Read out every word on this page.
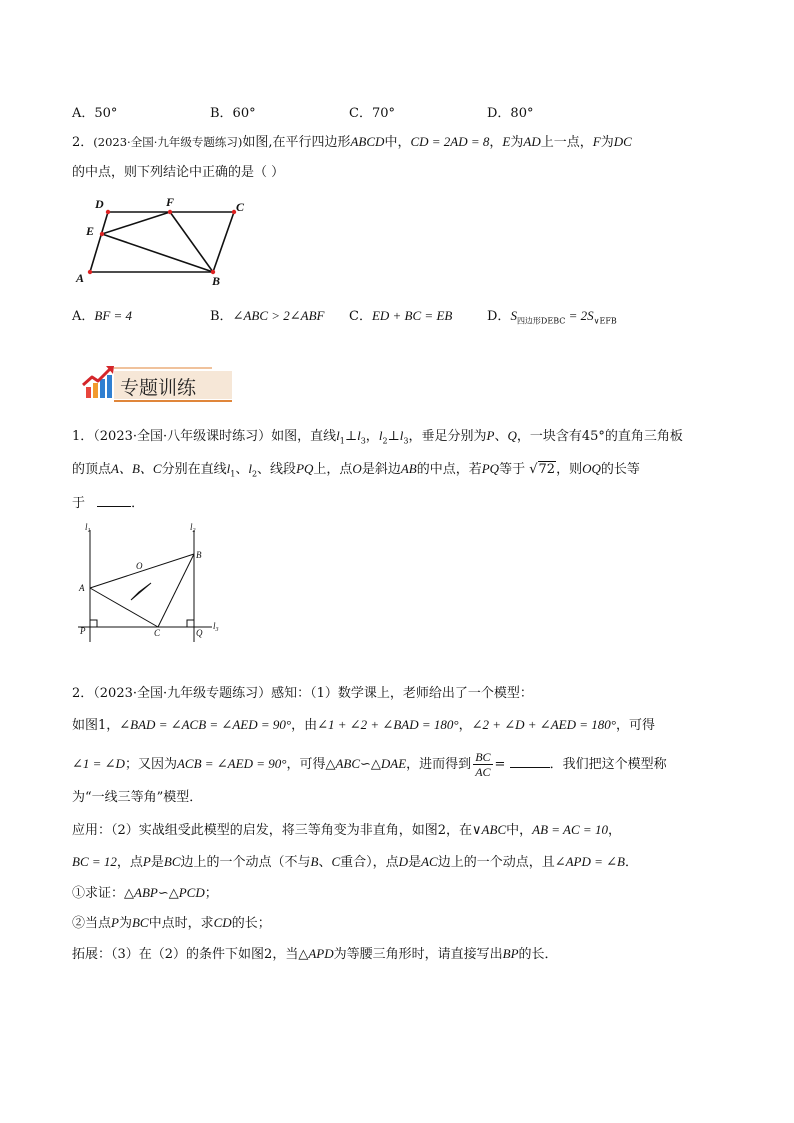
A．50°	B．60°	C．70°	D．80°
2．(2023·全国·九年级专题练习)如图,在平行四边形ABCD中，CD = 2AD = 8，E为AD上一点，F为DC
的中点，则下列结论中正确的是（ ）
D	F	C
E
A	B
A．BF = 4	B．∠ABC > 2∠ABF C．ED + BC = EB	D．$S_{四边形DEBC} = 2S_{\vee EFB}$
专题训练
1．（2023·全国·八年级课时练习）如图，直线$l_1\perp l_3$，$l_2\perp l_3$，垂足分别为P、Q，一块含有45°的直角三角板
的顶点A、B、C分别在直线$l_1$、$l_2$、线段PQ上，点O是斜边AB的中点，若PQ等于 √72，则OQ的长等
于	．
$l_1$	$l_2$
$l_3$
B
O
A
P	C	Q
2．（2023·全国·九年级专题练习）感知：（1）数学课上，老师给出了一个模型：
如图1，∠BAD = ∠ACB = ∠AED = 90°，由∠1 + ∠2 + ∠BAD = 180°，∠2 + ∠D + ∠AED = 180°，可得
∠1 = ∠D；又因为ACB = ∠AED = 90°，可得△ABC∽△DAE，进而得到 $\frac{BC}{AC}$ =	．我们把这个模型称
为“一线三等角”模型．
应用：（2）实战组受此模型的启发，将三等角变为非直角，如图2，在∨ABC中，AB = AC = 10，
BC = 12，点P是BC边上的一个动点（不与B、C重合），点D是AC边上的一个动点，且∠APD = ∠B．
①求证：△ABP∽△PCD；
②当点P为BC中点时，求CD的长；
拓展：（3）在（2）的条件下如图2，当△APD为等腰三角形时，请直接写出BP的长．
